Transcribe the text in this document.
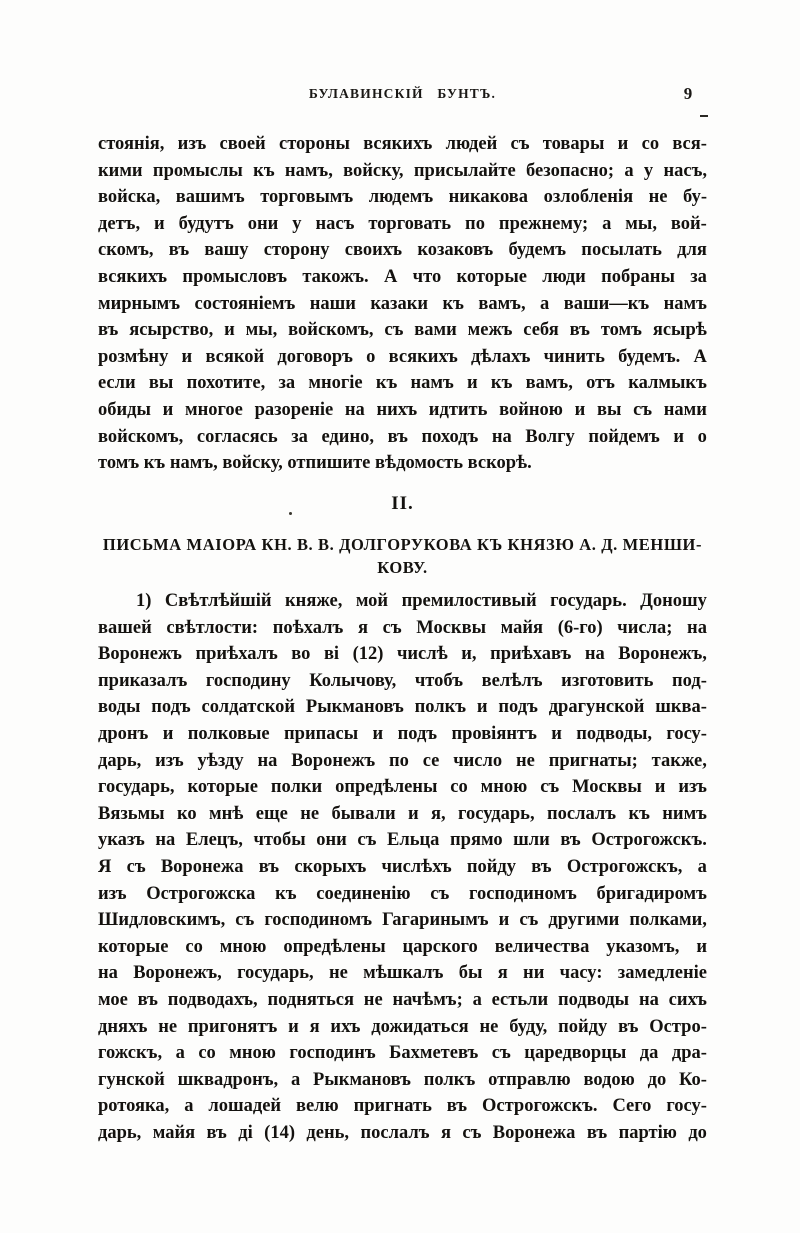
БУЛАВИНСКІЙ БУНТЪ.	9
стоянія, изъ своей стороны всякихъ людей съ товары и со вся-
кими промыслы къ намъ, войску, присылайте безопасно; а у насъ,
войска, вашимъ торговымъ людемъ никакова озлобленія не бу-
детъ, и будутъ они у насъ торговать по прежнему; а мы, вой-
скомъ, въ вашу сторону своихъ козаковъ будемъ посылать для
всякихъ промысловъ такожъ. А что которые люди побраны за
мирнымъ состояніемъ наши казаки къ вамъ, а ваши—къ намъ
въ ясырство, и мы, войскомъ, съ вами межъ себя въ томъ ясырѣ
розмѣну и всякой договоръ о всякихъ дѣлахъ чинить будемъ. А
если вы похотите, за многіе къ намъ и къ вамъ, отъ калмыкъ
обиды и многое разореніе на нихъ идтить войною и вы съ нами
войскомъ, согласясь за едино, въ походъ на Волгу пойдемъ и о
томъ къ намъ, войску, отпишите вѣдомость вскорѣ.
II.
ПИСЬМА МАІОРА КН. В. В. ДОЛГОРУКОВА КЪ КНЯЗЮ А. Д. МЕНШИ-
КОВУ.
1) Свѣтлѣйшій княже, мой премилостивый государь. Доношу
вашей свѣтлости: поѣхалъ я съ Москвы майя (6-го) числа; на
Воронежъ приѣхалъ во ві (12) числѣ и, приѣхавъ на Воронежъ,
приказалъ господину Колычову, чтобъ велѣлъ изготовить под-
воды подъ солдатской Рыкмановъ полкъ и подъ драгунской шква-
дронъ и полковые припасы и подъ провіянтъ и подводы, госу-
дарь, изъ уѣзду на Воронежъ по се число не пригнаты; также,
государь, которые полки опредѣлены со мною съ Москвы и изъ
Вязьмы ко мнѣ еще не бывали и я, государь, послалъ къ нимъ
указъ на Елецъ, чтобы они съ Ельца прямо шли въ Острогожскъ.
Я съ Воронежа въ скорыхъ числѣхъ пойду въ Острогожскъ, а
изъ Острогожска къ соединенію съ господиномъ бригадиромъ
Шидловскимъ, съ господиномъ Гагаринымъ и съ другими полками,
которые со мною опредѣлены царского величества указомъ, и
на Воронежъ, государь, не мѣшкалъ бы я ни часу: замедленіе
мое въ подводахъ, подняться не начѣмъ; а естьли подводы на сихъ
дняхъ не пригонятъ и я ихъ дожидаться не буду, пойду въ Остро-
гожскъ, а со мною господинъ Бахметевъ съ царедворцы да дра-
гунской шквадронъ, а Рыкмановъ полкъ отправлю водою до Ко-
ротояка, а лошадей велю пригнать въ Острогожскъ. Сего госу-
дарь, майя въ ді (14) день, послалъ я съ Воронежа въ партію до
